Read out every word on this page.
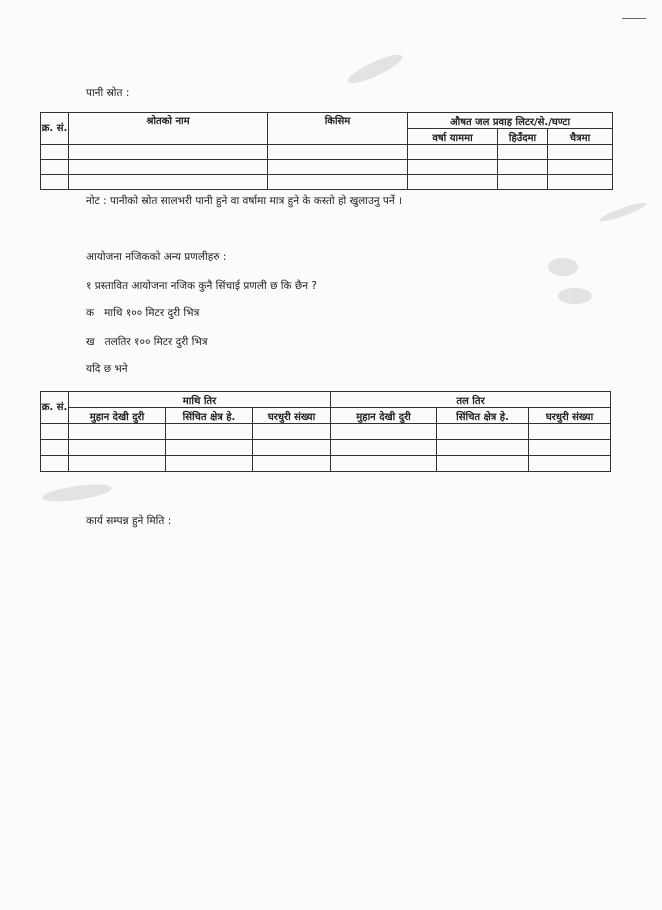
पानी स्रोत :
क्र. सं.	श्रोतको नाम	किसिम	औषत जल प्रवाह लिटर/से./घण्टा		
			वर्षा याममा	हिउँदमा	चैत्रमा

नोट : पानीको स्रोत सालभरी पानी हुने वा वर्षामा मात्र हुने के कस्तो हो खुलाउनु पर्ने ।
आयोजना नजिकको अन्य प्रणलीहरु :
१ प्रस्तावित आयोजना नजिक कुनै सिंचाई प्रणली छ कि छैन ?
क   माथि १०० मिटर दुरी भित्र
ख   तलतिर १०० मिटर दुरी भित्र
यदि छ भने
क्र. सं.	माथि तिर			तल तिर		
	मुहान देखी दुरी	सिंचित क्षेत्र हे.	घरधुरी संख्या	मुहान देखी दुरी	सिंचित क्षेत्र हे.	घरधुरी संख्या

कार्य सम्पन्न हुने मिति :
